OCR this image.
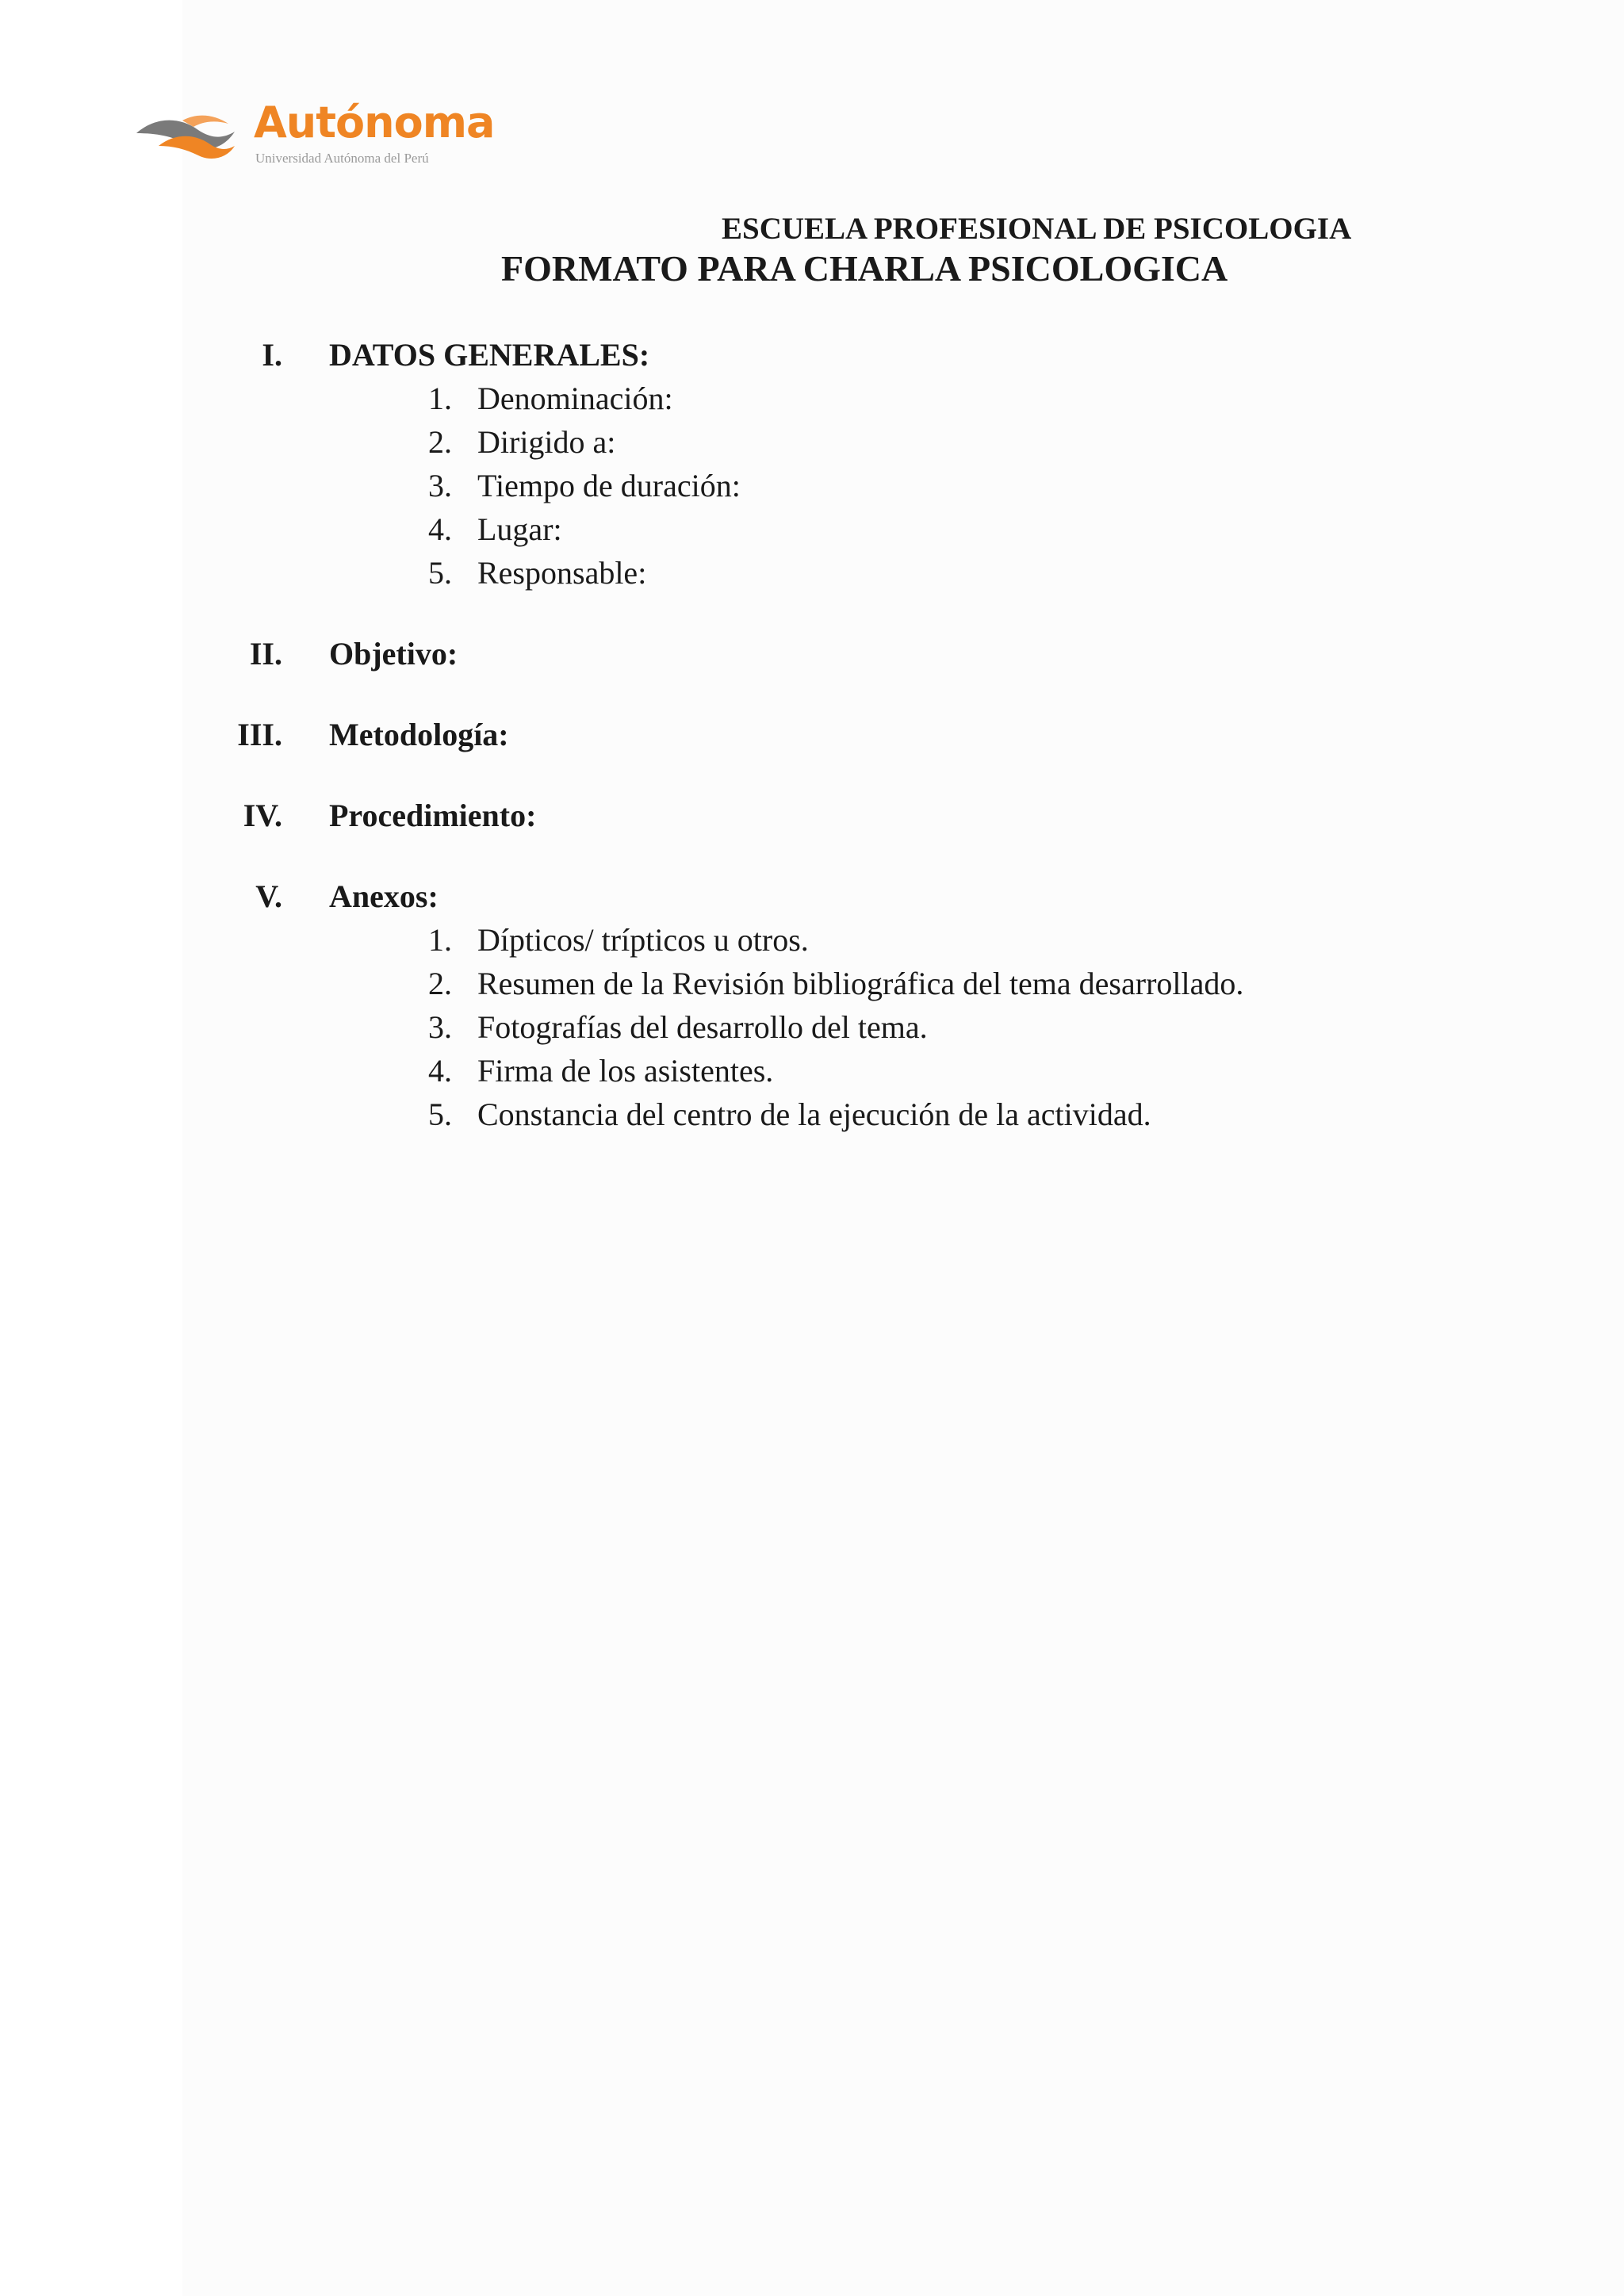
Autónoma
Universidad Autónoma del Perú
ESCUELA PROFESIONAL DE PSICOLOGIA
FORMATO PARA CHARLA PSICOLOGICA
I. DATOS GENERALES:
1. Denominación:
2. Dirigido a:
3. Tiempo de duración:
4. Lugar:
5. Responsable:
II. Objetivo:
III. Metodología:
IV. Procedimiento:
V. Anexos:
1. Dípticos/ trípticos u otros.
2. Resumen de la Revisión bibliográfica del tema desarrollado.
3. Fotografías del desarrollo del tema.
4. Firma de los asistentes.
5. Constancia del centro de la ejecución de la actividad.
